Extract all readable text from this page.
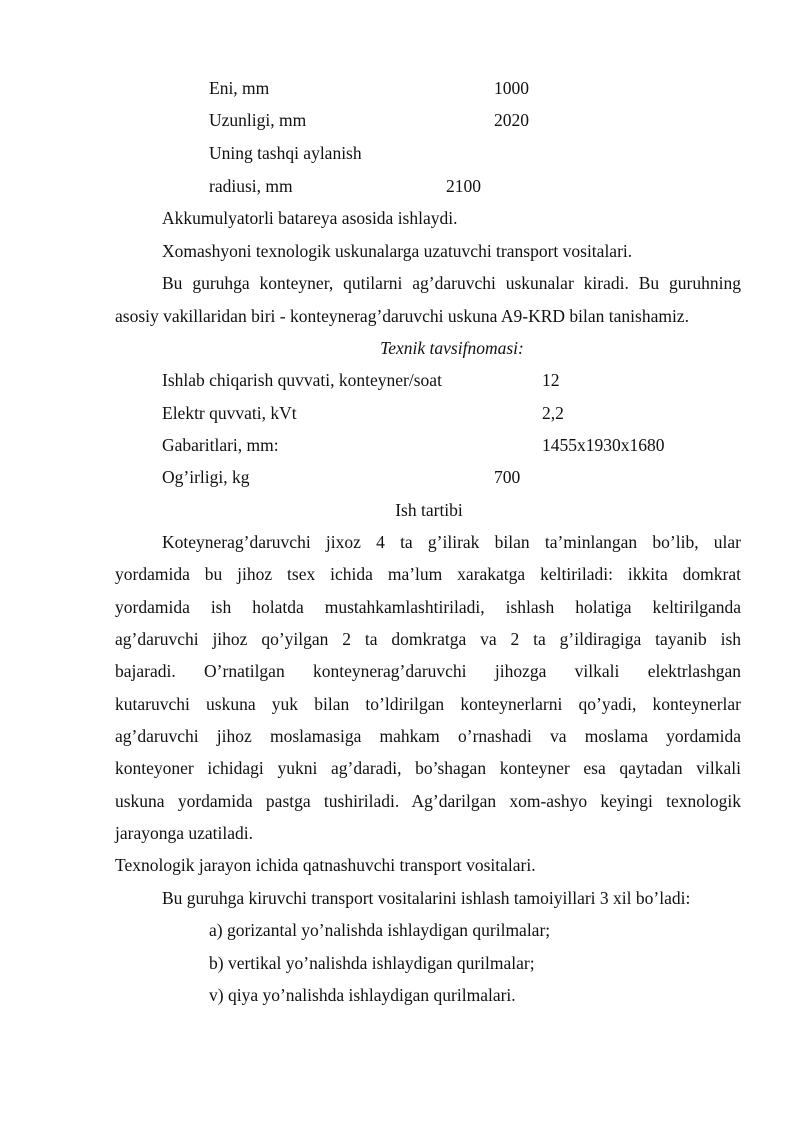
Eni, mm	1000
Uzunligi, mm	2020
Uning tashqi aylanish
radiusi, mm	2100
Akkumulyatorli batareya asosida ishlaydi.
Xomashyoni texnologik uskunalarga uzatuvchi transport vositalari.
Bu guruhga konteyner, qutilarni ag’daruvchi uskunalar kiradi. Bu guruhning
asosiy vakillaridan biri - konteynerag’daruvchi uskuna A9-KRD bilan tanishamiz.
Texnik tavsifnomasi:
Ishlab chiqarish quvvati, konteyner/soat	12
Elektr quvvati, kVt	2,2
Gabaritlari, mm:	1455x1930x1680
Og’irligi, kg	700
Ish tartibi
Koteynerag’daruvchi jixoz 4 ta g’ilirak bilan ta’minlangan bo’lib, ular
yordamida bu jihoz tsex ichida ma’lum xarakatga keltiriladi: ikkita domkrat
yordamida ish holatda mustahkamlashtiriladi, ishlash holatiga keltirilganda
ag’daruvchi jihoz qo’yilgan 2 ta domkratga va 2 ta g’ildiragiga tayanib ish
bajaradi. O’rnatilgan konteynerag’daruvchi jihozga vilkali elektrlashgan
kutaruvchi uskuna yuk bilan to’ldirilgan konteynerlarni qo’yadi, konteynerlar
ag’daruvchi jihoz moslamasiga mahkam o’rnashadi va moslama yordamida
konteyoner ichidagi yukni ag’daradi, bo’shagan konteyner esa qaytadan vilkali
uskuna yordamida pastga tushiriladi. Ag’darilgan xom-ashyo keyingi texnologik
jarayonga uzatiladi.
Texnologik jarayon ichida qatnashuvchi transport vositalari.
Bu guruhga kiruvchi transport vositalarini ishlash tamoiyillari 3 xil bo’ladi:
a) gorizantal yo’nalishda ishlaydigan qurilmalar;
b) vertikal yo’nalishda ishlaydigan qurilmalar;
v) qiya yo’nalishda ishlaydigan qurilmalari.
